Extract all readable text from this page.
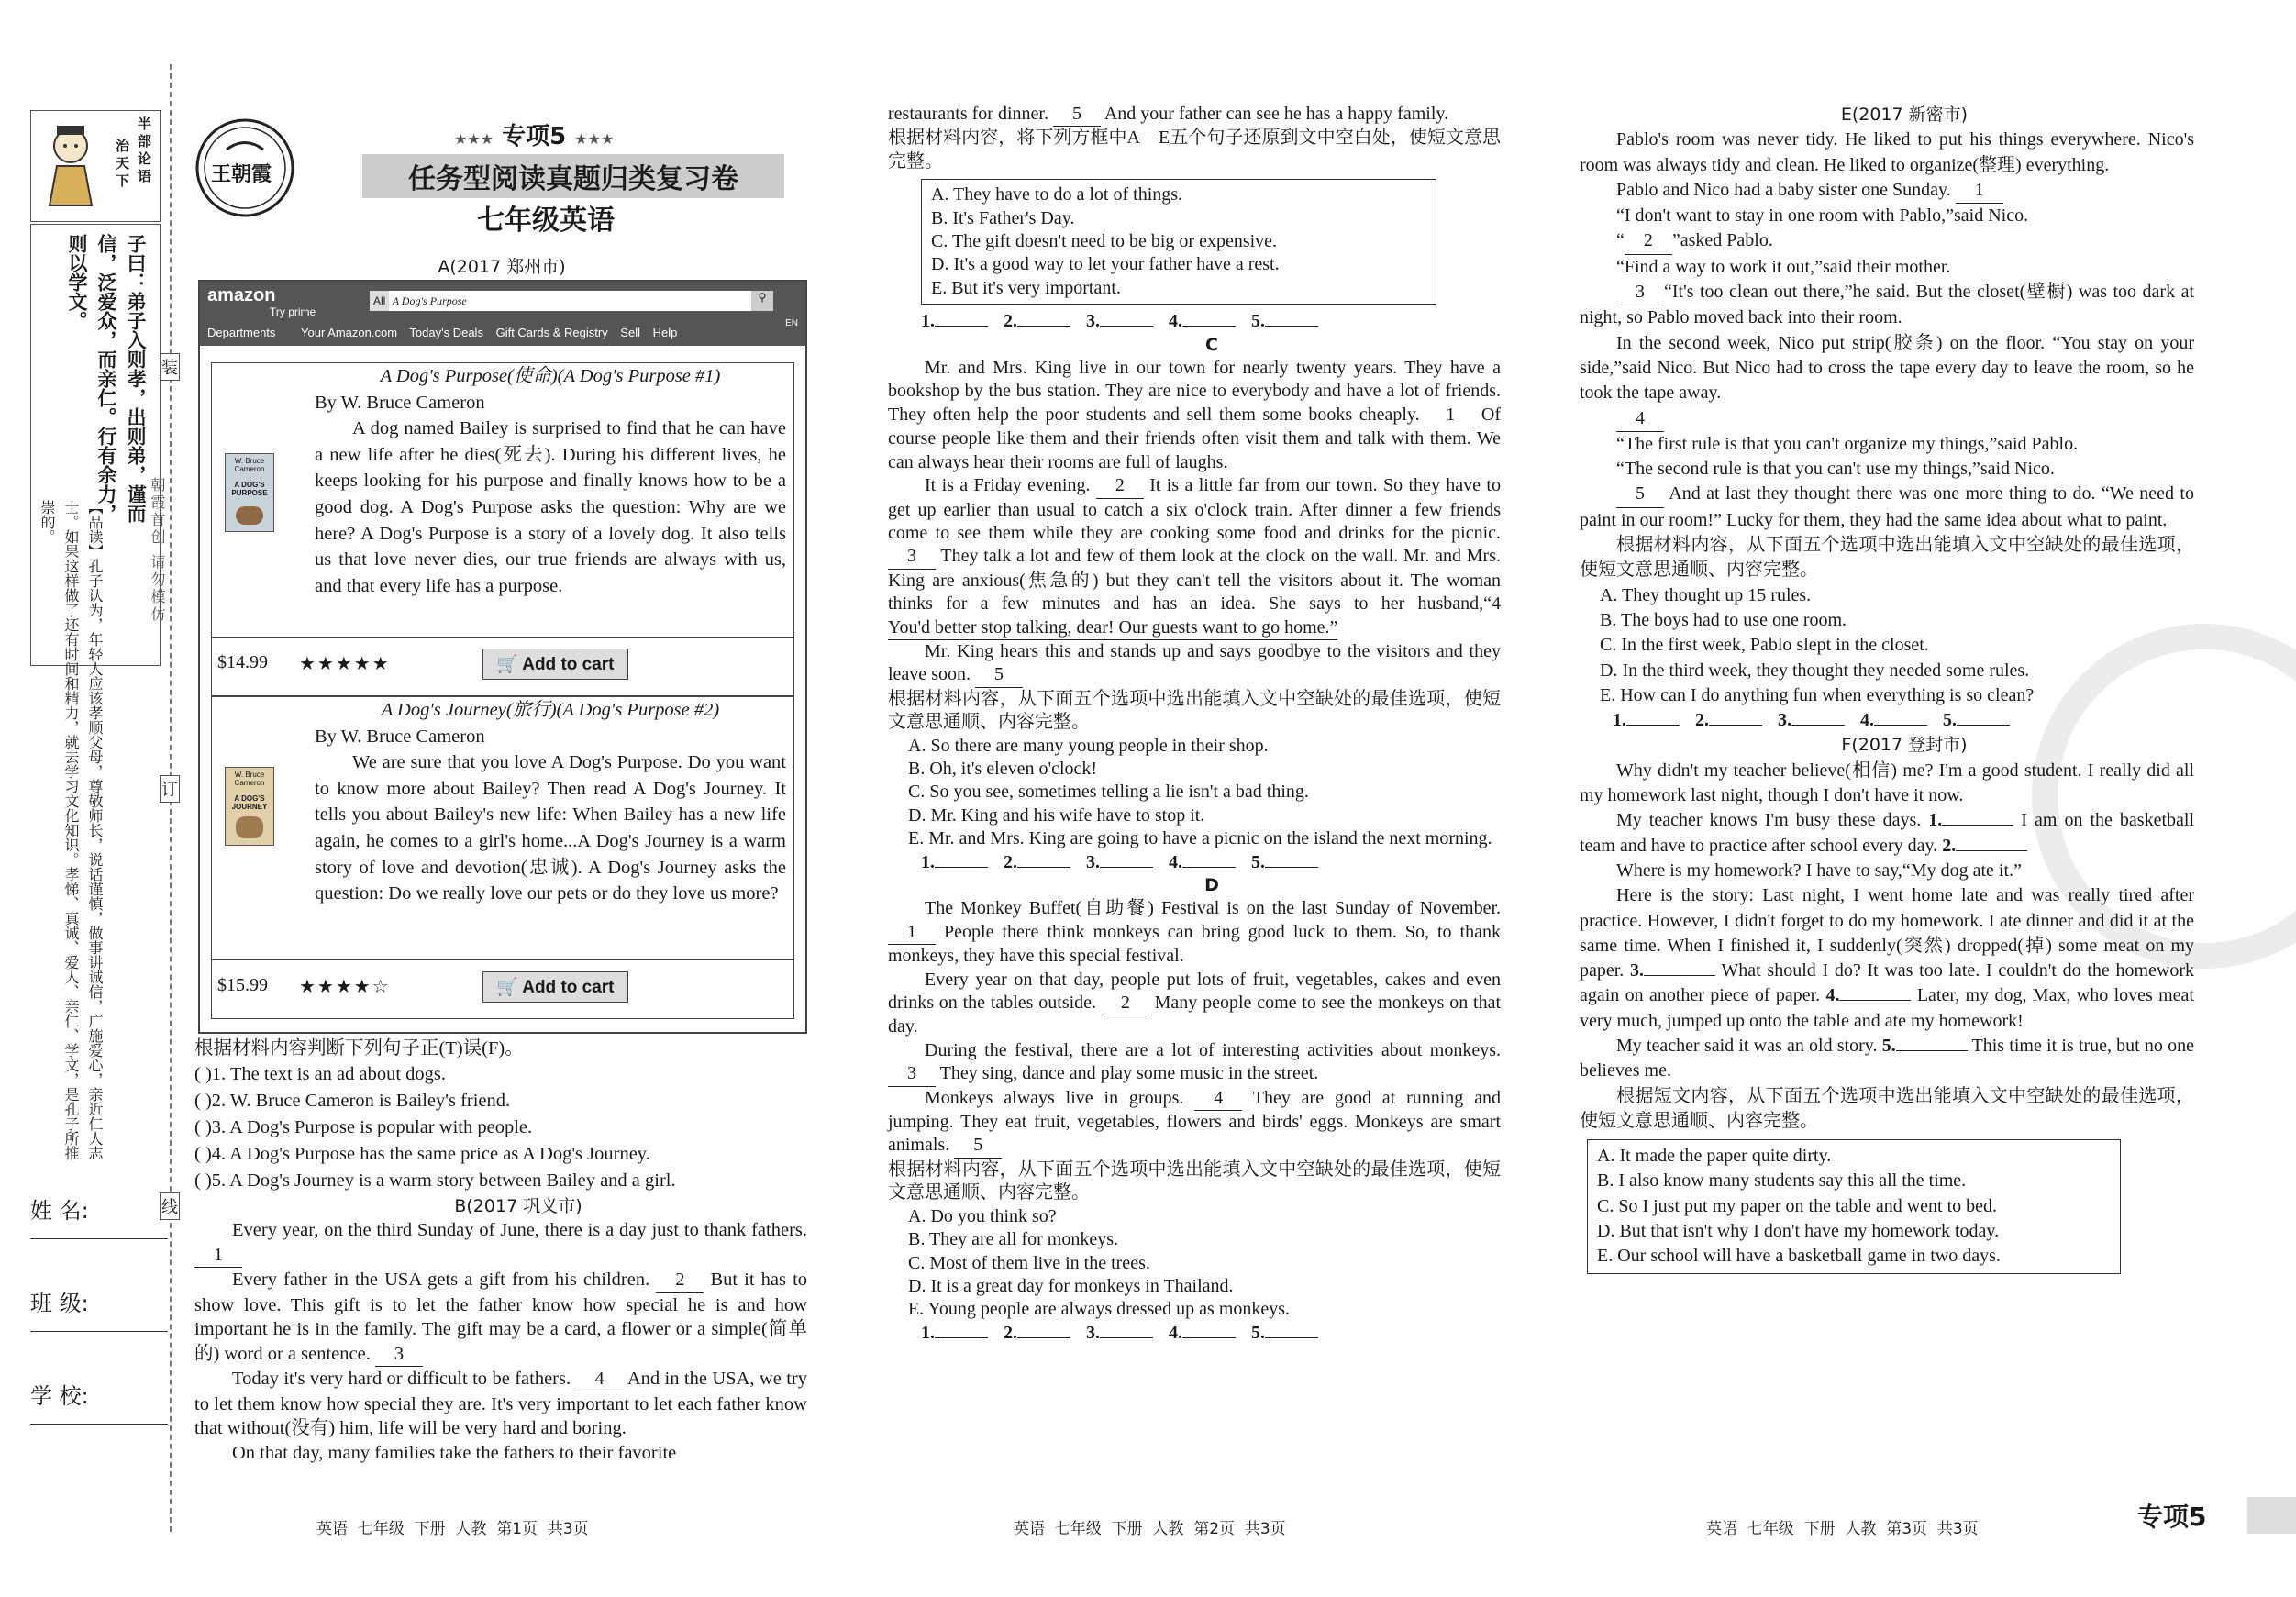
半部论语
治天下
子曰：弟子入则孝，出则弟，谨而信，泛爱众，而亲仁。行有余力，则以学文。
【品读】孔子认为，年轻人应该孝顺父母，尊敬师长，说话谨慎，做事讲诚信，广施爱心，亲近仁人志士。如果这样做了还有时间和精力，就去学习文化知识。孝悌、真诚、爱人、亲仁、学文，是孔子所推崇的。
姓 名:
班 级:
学 校:
朝霞首创 请勿模仿
装
订
线
王朝霞
★★★ 专项5 ★★★
任务型阅读真题归类复习卷
七年级英语
A(2017 郑州市)
amazon
Try prime
All A Dog's Purpose	⚲
Departments Your Amazon.com Today's Deals Gift Cards & Registry Sell Help
EN
W. Bruce Cameron
A DOG'S PURPOSE
A Dog's Purpose(使命)(A Dog's Purpose #1)
By W. Bruce Cameron
A dog named Bailey is surprised to find that he can have a new life after he dies(死去). During his different lives, he keeps looking for his purpose and finally knows how to be a good dog. A Dog's Purpose asks the question: Why are we here? A Dog's Purpose is a story of a lovely dog. It also tells us that love never dies, our true friends are always with us, and that every life has a purpose.
$14.99 ★★★★★	🛒 Add to cart
W. Bruce Cameron
A DOG'S JOURNEY
A Dog's Journey(旅行)(A Dog's Purpose #2)
By W. Bruce Cameron
We are sure that you love A Dog's Purpose. Do you want to know more about Bailey? Then read A Dog's Journey. It tells you about Bailey's new life: When Bailey has a new life again, he comes to a girl's home...A Dog's Journey is a warm story of love and devotion(忠诚). A Dog's Journey asks the question: Do we really love our pets or do they love us more?
$15.99 ★★★★☆	🛒 Add to cart

根据材料内容判断下列句子正(T)误(F)。

( )1. The text is an ad about dogs.

( )2. W. Bruce Cameron is Bailey's friend.

( )3. A Dog's Purpose is popular with people.

( )4. A Dog's Purpose has the same price as A Dog's Journey.

( )5. A Dog's Journey is a warm story between Bailey and a girl.

B(2017 巩义市)

Every year, on the third Sunday of June, there is a day just to thank fathers. 1

Every father in the USA gets a gift from his children. 2 But it has to show love. This gift is to let the father know how special he is and how important he is in the family. The gift may be a card, a flower or a simple(简单的) word or a sentence. 3

Today it's very hard or difficult to be fathers. 4 And in the USA, we try to let them know how special they are. It's very important to let each father know that without(没有) him, life will be very hard and boring.

On that day, many families take the fathers to their favorite

restaurants for dinner. 5 And your father can see he has a happy family.

根据材料内容，将下列方框中A—E五个句子还原到文中空白处，使短文意思完整。

A. They have to do a lot of things.
B. It's Father's Day.
C. The gift doesn't need to be big or expensive.
D. It's a good way to let your father have a rest.
E. But it's very important.
1.	2.	3.	4.	5.

C

Mr. and Mrs. King live in our town for nearly twenty years. They have a bookshop by the bus station. They are nice to everybody and have a lot of friends. They often help the poor students and sell them some books cheaply. 1 Of course people like them and their friends often visit them and talk with them. We can always hear their rooms are full of laughs.

It is a Friday evening. 2 It is a little far from our town. So they have to get up earlier than usual to catch a six o'clock train. After dinner a few friends come to see them while they are cooking some food and drinks for the picnic. 3 They talk a lot and few of them look at the clock on the wall. Mr. and Mrs. King are anxious(焦急的) but they can't tell the visitors about it. The woman thinks for a few minutes and has an idea. She says to her husband,“4You'd better stop talking, dear! Our guests want to go home.”

Mr. King hears this and stands up and says goodbye to the visitors and they leave soon. 5

根据材料内容，从下面五个选项中选出能填入文中空缺处的最佳选项，使短文意思通顺、内容完整。

A. So there are many young people in their shop.
B. Oh, it's eleven o'clock!
C. So you see, sometimes telling a lie isn't a bad thing.
D. Mr. King and his wife have to stop it.
E. Mr. and Mrs. King are going to have a picnic on the island the next morning.
1.	2.	3.	4.	5.

D

The Monkey Buffet(自助餐) Festival is on the last Sunday of November. 1 People there think monkeys can bring good luck to them. So, to thank monkeys, they have this special festival.

Every year on that day, people put lots of fruit, vegetables, cakes and even drinks on the tables outside. 2 Many people come to see the monkeys on that day.

During the festival, there are a lot of interesting activities about monkeys. 3 They sing, dance and play some music in the street.

Monkeys always live in groups. 4 They are good at running and jumping. They eat fruit, vegetables, flowers and birds' eggs. Monkeys are smart animals. 5

根据材料内容，从下面五个选项中选出能填入文中空缺处的最佳选项，使短文意思通顺、内容完整。

A. Do you think so?
B. They are all for monkeys.
C. Most of them live in the trees.
D. It is a great day for monkeys in Thailand.
E. Young people are always dressed up as monkeys.
1.	2.	3.	4.	5.

E(2017 新密市)

Pablo's room was never tidy. He liked to put his things everywhere. Nico's room was always tidy and clean. He liked to organize(整理) everything.

Pablo and Nico had a baby sister one Sunday. 1

“I don't want to stay in one room with Pablo,”said Nico.

“ 2 ”asked Pablo.

“Find a way to work it out,”said their mother.

3 “It's too clean out there,”he said. But the closet(壁橱) was too dark at night, so Pablo moved back into their room.

In the second week, Nico put strip(胶条) on the floor. “You stay on your side,”said Nico. But Nico had to cross the tape every day to leave the room, so he took the tape away.

4

“The first rule is that you can't organize my things,”said Pablo.

“The second rule is that you can't use my things,”said Nico.

5 And at last they thought there was one more thing to do. “We need to paint in our room!” Lucky for them, they had the same idea about what to paint.

根据材料内容，从下面五个选项中选出能填入文中空缺处的最佳选项，使短文意思通顺、内容完整。

A. They thought up 15 rules.
B. The boys had to use one room.
C. In the first week, Pablo slept in the closet.
D. In the third week, they thought they needed some rules.
E. How can I do anything fun when everything is so clean?
1.	2.	3.	4.	5.

F(2017 登封市)

Why didn't my teacher believe(相信) me? I'm a good student. I really did all my homework last night, though I don't have it now.

My teacher knows I'm busy these days. 1.	I am on the basketball team and have to practice after school every day. 2.

Where is my homework? I have to say,“My dog ate it.”

Here is the story: Last night, I went home late and was really tired after practice. However, I didn't forget to do my homework. I ate dinner and did it at the same time. When I finished it, I suddenly(突然) dropped(掉) some meat on my paper. 3.	What should I do? It was too late. I couldn't do the homework again on another piece of paper. 4.	Later, my dog, Max, who loves meat very much, jumped up onto the table and ate my homework!

My teacher said it was an old story. 5.	This time it is true, but no one believes me.

根据短文内容，从下面五个选项中选出能填入文中空缺处的最佳选项，使短文意思通顺、内容完整。

A. It made the paper quite dirty.
B. I also know many students say this all the time.
C. So I just put my paper on the table and went to bed.
D. But that isn't why I don't have my homework today.
E. Our school will have a basketball game in two days.
英语  七年级  下册  人教  第1页  共3页	英语  七年级  下册  人教  第2页  共3页	英语  七年级  下册  人教  第3页  共3页	专项5
